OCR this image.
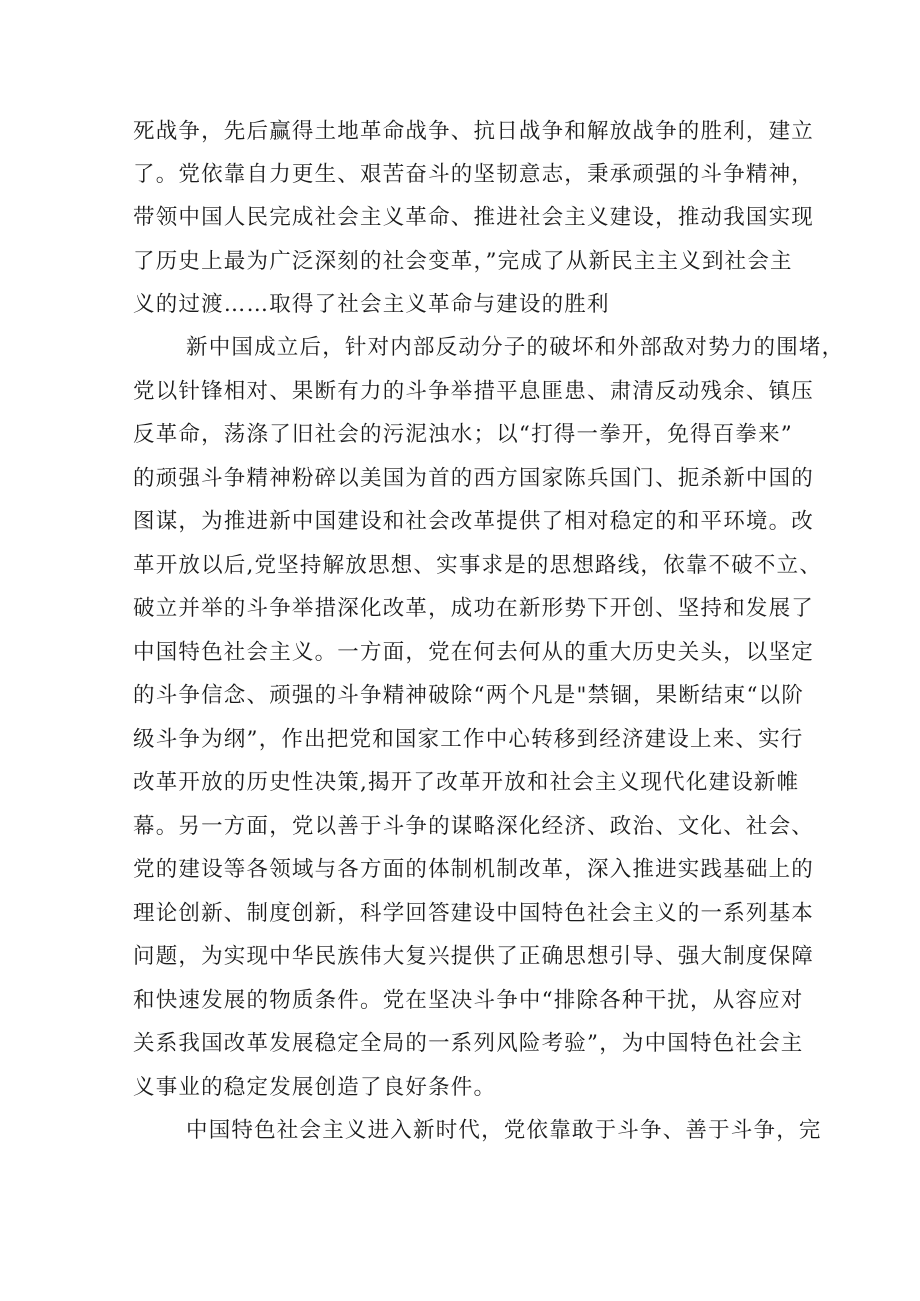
死战争，先后赢得土地革命战争、抗日战争和解放战争的胜利，建立
了。党依靠自力更生、艰苦奋斗的坚韧意志，秉承顽强的斗争精神，
带领中国人民完成社会主义革命、推进社会主义建设，推动我国实现
了历史上最为广泛深刻的社会变革，”完成了从新民主主义到社会主
义的过渡……取得了社会主义革命与建设的胜利
新中国成立后，针对内部反动分子的破坏和外部敌对势力的围堵，
党以针锋相对、果断有力的斗争举措平息匪患、肃清反动残余、镇压
反革命，荡涤了旧社会的污泥浊水；以“打得一拳开，免得百拳来”
的顽强斗争精神粉碎以美国为首的西方国家陈兵国门、扼杀新中国的
图谋，为推进新中国建设和社会改革提供了相对稳定的和平环境。改
革开放以后,党坚持解放思想、实事求是的思想路线，依靠不破不立、
破立并举的斗争举措深化改革，成功在新形势下开创、坚持和发展了
中国特色社会主义。一方面，党在何去何从的重大历史关头，以坚定
的斗争信念、顽强的斗争精神破除“两个凡是"禁锢，果断结束“以阶
级斗争为纲”，作出把党和国家工作中心转移到经济建设上来、实行
改革开放的历史性决策,揭开了改革开放和社会主义现代化建设新帷
幕。另一方面，党以善于斗争的谋略深化经济、政治、文化、社会、
党的建设等各领域与各方面的体制机制改革，深入推进实践基础上的
理论创新、制度创新，科学回答建设中国特色社会主义的一系列基本
问题，为实现中华民族伟大复兴提供了正确思想引导、强大制度保障
和快速发展的物质条件。党在坚决斗争中“排除各种干扰，从容应对
关系我国改革发展稳定全局的一系列风险考验”，为中国特色社会主
义事业的稳定发展创造了良好条件。
中国特色社会主义进入新时代，党依靠敢于斗争、善于斗争，完
